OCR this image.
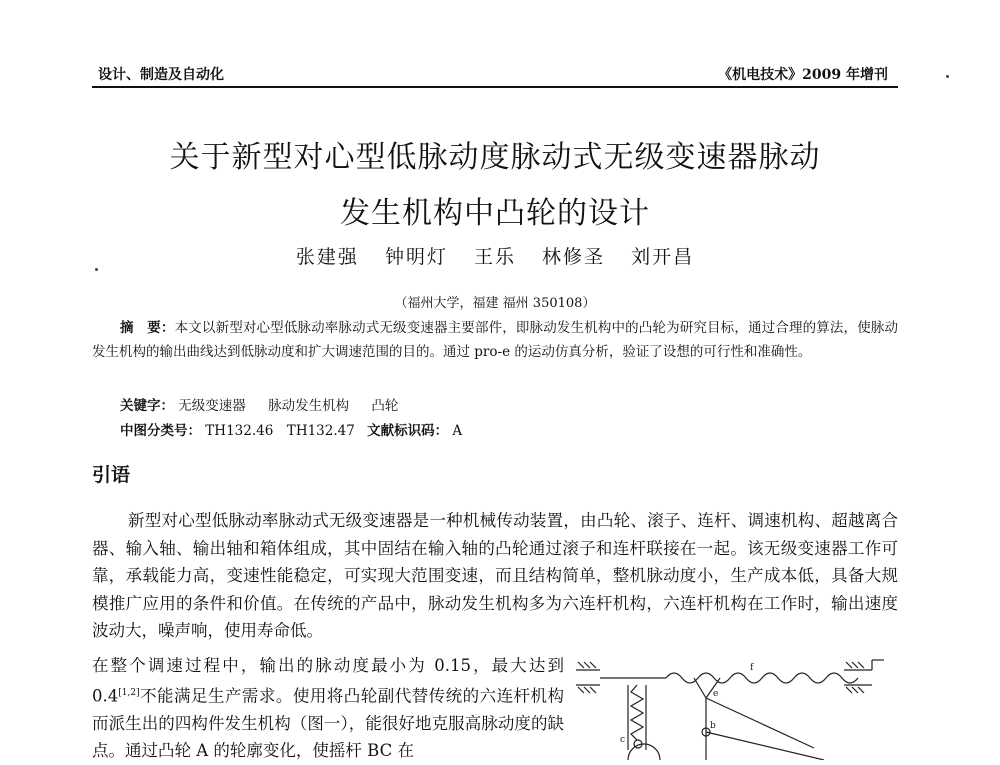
设计、制造及自动化	《机电技术》2009 年增刊
关于新型对心型低脉动度脉动式无级变速器脉动
发生机构中凸轮的设计
张建强 钟明灯 王乐 林修圣 刘开昌
（福州大学，福建 福州 350108）
摘　要：本文以新型对心型低脉动率脉动式无级变速器主要部件，即脉动发生机构中的凸轮为研究目标，通过合理的算法，使脉动发生机构的输出曲线达到低脉动度和扩大调速范围的目的。通过 pro-e 的运动仿真分析，验证了设想的可行性和准确性。
关键字： 无级变速器 脉动发生机构 凸轮
中图分类号： TH132.46　TH132.47 文献标识码： A
引语
新型对心型低脉动率脉动式无级变速器是一种机械传动装置，由凸轮、滚子、连杆、调速机构、超越离合器、输入轴、输出轴和箱体组成，其中固结在输入轴的凸轮通过滚子和连杆联接在一起。该无级变速器工作可靠，承载能力高，变速性能稳定，可实现大范围变速，而且结构简单，整机脉动度小，生产成本低，具备大规模推广应用的条件和价值。在传统的产品中，脉动发生机构多为六连杆机构，六连杆机构在工作时，输出速度波动大，噪声响，使用寿命低。
在整个调速过程中，输出的脉动度最小为 0.15，最大达到 0.4[1,2]不能满足生产需求。使用将凸轮副代替传统的六连杆机构而派生出的四构件发生机构（图一），能很好地克服高脉动度的缺点。通过凸轮 A 的轮廓变化，使摇杆 BC 在
c
b
e
f
